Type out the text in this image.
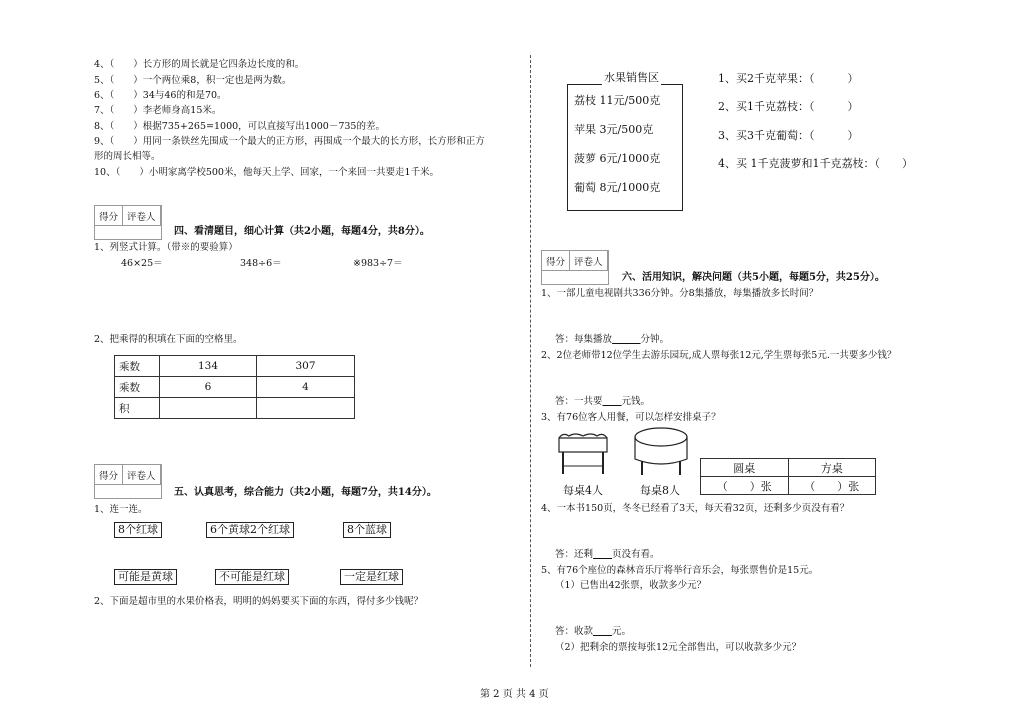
4、（　　）长方形的周长就是它四条边长度的和。
5、（　　）一个两位乘8，积一定也是两为数。
6、（　　）34与46的和是70。
7、（　　）李老师身高15米。
8、（　　）根据735+265=1000，可以直接写出1000－735的差。
9、（　　）用同一条铁丝先围成一个最大的正方形，再围成一个最大的长方形，长方形和正方
形的周长相等。
10、（　　）小明家离学校500米，他每天上学、回家，一个来回一共要走1千米。
得分 评卷人
四、看清题目，细心计算（共2小题，每题4分，共8分）。
1、列竖式计算。（带※的要验算）
46×25＝	348÷6＝	※983÷7＝
2、把乘得的积填在下面的空格里。
乘数	134	307
乘数	6	4
积		
得分 评卷人
五、认真思考，综合能力（共2小题，每题7分，共14分）。
1、连一连。
8个红球	6个黄球2个红球	8个蓝球
可能是黄球	不可能是红球	一定是红球
2、下面是超市里的水果价格表，明明的妈妈要买下面的东西，得付多少钱呢？
荔枝 11元/500克
苹果 3元/500克
菠萝 6元/1000克
葡萄 8元/1000克
水果销售区	1、买2千克苹果：（　　　）
2、买1千克荔枝：（　　　）
3、买3千克葡萄：（　　　）
4、买 1千克菠萝和1千克荔枝：（　　）
得分 评卷人
六、活用知识，解决问题（共5小题，每题5分，共25分）。
1、一部儿童电视剧共336分钟。分8集播放，每集播放多长时间？
答：每集播放　　　	分钟。
2、2位老师带12位学生去游乐园玩,成人票每张12元,学生票每张5元.一共要多少钱？
答：一共要　　 元钱。
3、有76位客人用餐，可以怎样安排桌子？
每桌4人	每桌8人
圆桌	方桌
（　　）张	（　　）张
4、一本书150页，冬冬已经看了3天，每天看32页，还剩多少页没有看？
答：还剩　　 页没有看。
5、有76个座位的森林音乐厅将举行音乐会，每张票售价是15元。
（1）已售出42张票，收款多少元？
答：收款　　 元。
（2）把剩余的票按每张12元全部售出，可以收款多少元？
第 2 页 共 4 页
